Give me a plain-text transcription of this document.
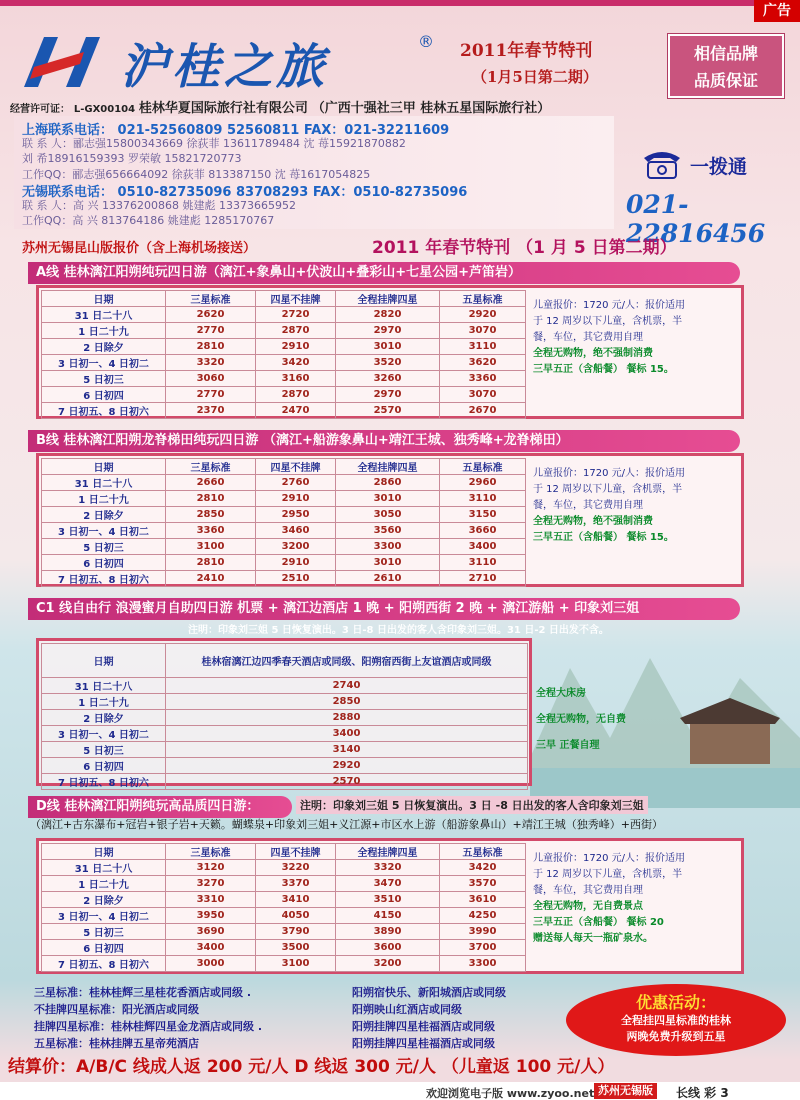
广告
沪桂之旅	® 2011年春节特刊
（1月5日第二期）
相信品牌
品质保证
经营许可证： L-GX00104 桂林华夏国际旅行社有限公司 （广西十强社三甲 桂林五星国际旅行社）
上海联系电话： 021-52560809 52560811 FAX：021-32211609
联 系 人：郦志强15800343669 徐荻菲 13611789484 沈 苺15921870882
刘 希18916159393 罗荣敏 15821720773
工作QQ：郦志强656664092 徐荻菲 813387150 沈 苺1617054825
无锡联系电话： 0510-82735096 83708293 FAX：0510-82735096
联 系 人：高 兴 13376200868 姚建彪 13373665952
工作QQ：高 兴 813764186 姚建彪 1285170767
一拨通
021-22816456
苏州无锡昆山版报价（含上海机场接送）	2011 年春节特刊 （1 月 5 日第二期）
A线 桂林漓江阳朔纯玩四日游（漓江+象鼻山+伏波山+叠彩山+七星公园+芦笛岩）
日期	三星标准	四星不挂牌	全程挂牌四星	五星标准
31 日二十八	2620	2720	2820	2920
1 日二十九	2770	2870	2970	3070
2 日除夕	2810	2910	3010	3110
3 日初一、4 日初二	3320	3420	3520	3620
5 日初三	3060	3160	3260	3360
6 日初四	2770	2870	2970	3070
7 日初五、8 日初六	2370	2470	2570	2670
儿童报价：1720 元/人：报价适用
于 12 周岁以下儿童，含机票，半
餐，车位，其它费用自理
全程无购物，绝不强制消费
三早五正（含船餐） 餐标 15。
B线 桂林漓江阳朔龙脊梯田纯玩四日游 （漓江+船游象鼻山+靖江王城、独秀峰+龙脊梯田）
日期	三星标准	四星不挂牌	全程挂牌四星	五星标准
31 日二十八	2660	2760	2860	2960
1 日二十九	2810	2910	3010	3110
2 日除夕	2850	2950	3050	3150
3 日初一、4 日初二	3360	3460	3560	3660
5 日初三	3100	3200	3300	3400
6 日初四	2810	2910	3010	3110
7 日初五、8 日初六	2410	2510	2610	2710
儿童报价：1720 元/人：报价适用
于 12 周岁以下儿童，含机票，半
餐，车位，其它费用自理
全程无购物，绝不强制消费
三早五正（含船餐） 餐标 15。
C1 线自由行 浪漫蜜月自助四日游 机票 + 漓江边酒店 1 晚 + 阳朔西街 2 晚 + 漓江游船 + 印象刘三姐
注明：印象刘三姐 5 日恢复演出。3 日-8 日出发的客人含印象刘三姐。31 日-2 日出发不含。
日期	桂林宿漓江边四季春天酒店或同级、阳朔宿西街上友谊酒店或同级
31 日二十八	2740
1 日二十九	2850
2 日除夕	2880
3 日初一、4 日初二	3400
5 日初三	3140
6 日初四	2920
7 日初五、8 日初六	2570
全程大床房
全程无购物，无自费
三早 正餐自理
D线 桂林漓江阳朔纯玩高品质四日游：	注明：印象刘三姐 5 日恢复演出。3 日 -8 日出发的客人含印象刘三姐
（漓江+古东瀑布+冠岩+银子岩+天籁。蝴蝶泉+印象刘三姐+义江源+市区水上游（船游象鼻山）+靖江王城（独秀峰）+西街）
日期	三星标准	四星不挂牌	全程挂牌四星	五星标准
31 日二十八	3120	3220	3320	3420
1 日二十九	3270	3370	3470	3570
2 日除夕	3310	3410	3510	3610
3 日初一、4 日初二	3950	4050	4150	4250
5 日初三	3690	3790	3890	3990
6 日初四	3400	3500	3600	3700
7 日初五、8 日初六	3000	3100	3200	3300
儿童报价：1720 元/人：报价适用
于 12 周岁以下儿童，含机票，半
餐，车位，其它费用自理
全程无购物，无自费景点
三早五正（含船餐） 餐标 20
赠送每人每天一瓶矿泉水。
三星标准：桂林桂辉三星桂花香酒店或同级 .
不挂牌四星标准：阳光酒店或同级
挂牌四星标准：桂林桂辉四星金龙酒店或同级 .
五星标准：桂林挂牌五星帝苑酒店
阳朔宿快乐、新阳城酒店或同级
阳朔映山红酒店或同级
阳朔挂牌四星桂福酒店或同级
阳朔挂牌四星桂福酒店或同级
优惠活动：
全程挂四星标准的桂林
两晚免费升级到五星
结算价：A/B/C 线成人返 200 元/人 D 线返 300 元/人 （儿童返 100 元/人）
欢迎浏览电子版 www.zyoo.net 苏州无锡版	长线 彩 3
